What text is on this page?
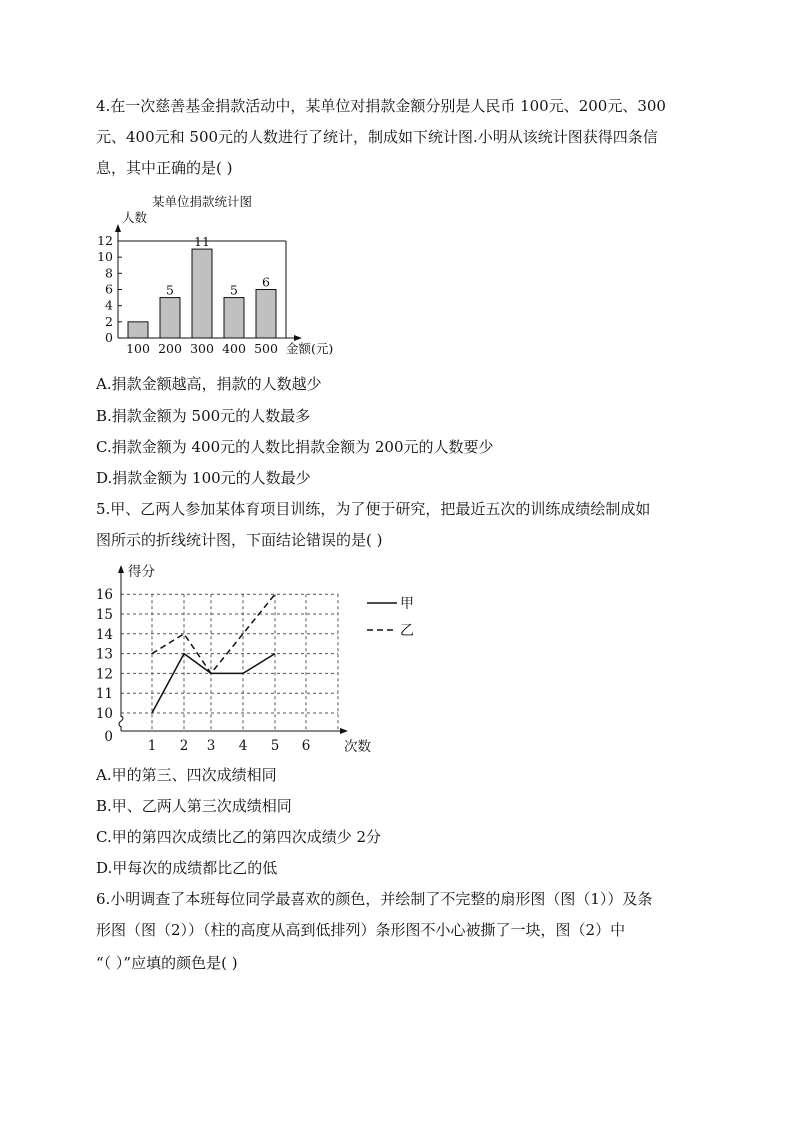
4.在一次慈善基金捐款活动中，某单位对捐款金额分别是人民币 100元、200元、300
元、400元和 500元的人数进行了统计，制成如下统计图.小明从该统计图获得四条信
息，其中正确的是( )
某单位捐款统计图
人数
0
2
4
6
8
10
12
100
5
200
11
300
5
400
6
500 金额(元)
A.捐款金额越高，捐款的人数越少
B.捐款金额为 500元的人数最多
C.捐款金额为 400元的人数比捐款金额为 200元的人数要少
D.捐款金额为 100元的人数最少
5.甲、乙两人参加某体育项目训练，为了便于研究，把最近五次的训练成绩绘制成如
图所示的折线统计图，下面结论错误的是( )
得分
0
10
11
12
13
14
15
16
1 2 3 4 5 6 次数
甲
乙
A.甲的第三、四次成绩相同
B.甲、乙两人第三次成绩相同
C.甲的第四次成绩比乙的第四次成绩少 2分
D.甲每次的成绩都比乙的低
6.小明调查了本班每位同学最喜欢的颜色，并绘制了不完整的扇形图（图（1））及条
形图（图（2））（柱的高度从高到低排列）条形图不小心被撕了一块，图（2）中
“（ ）”应填的颜色是( )
